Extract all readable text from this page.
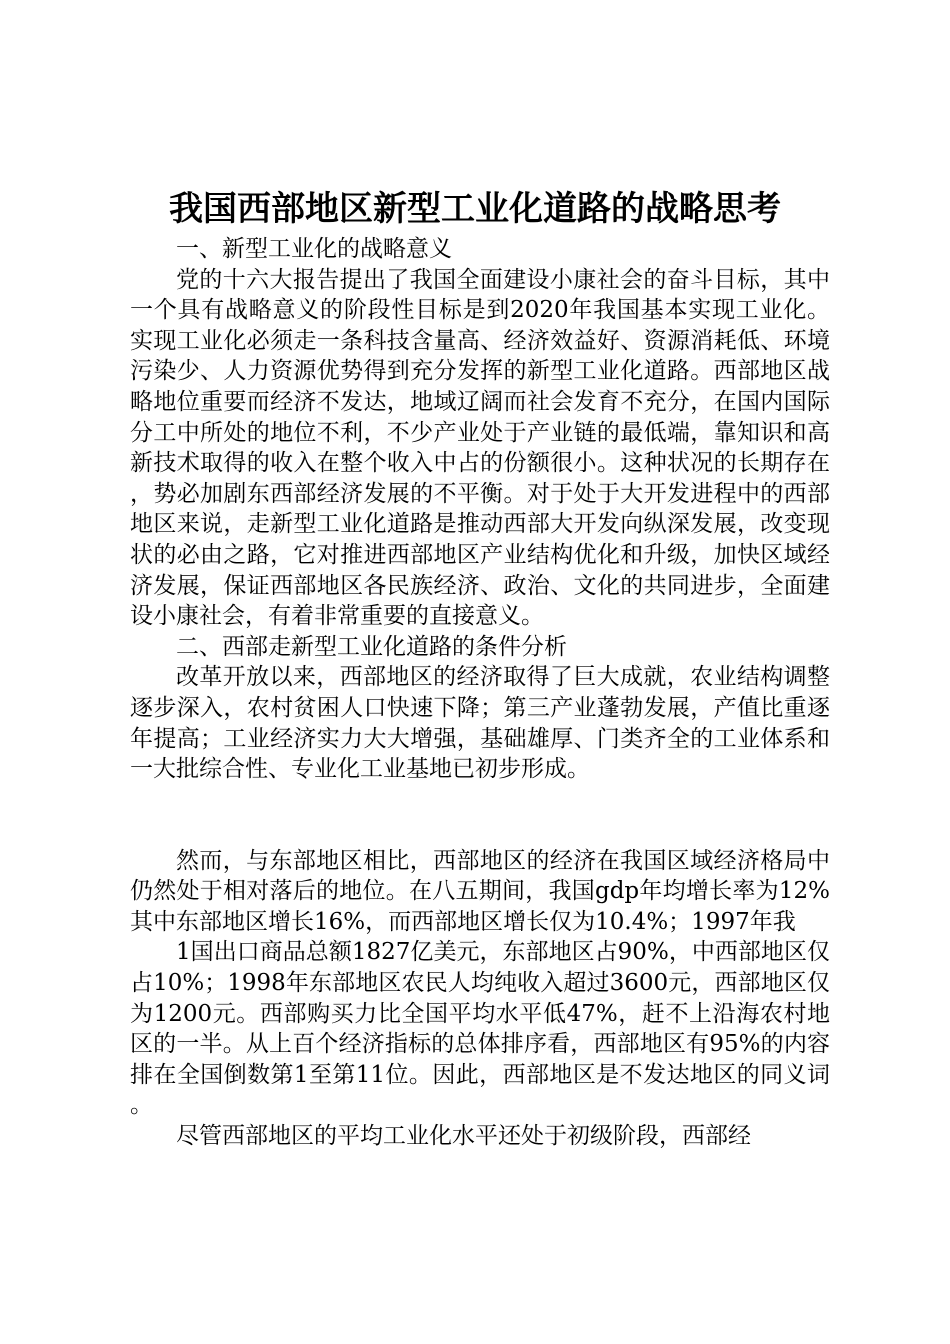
我国西部地区新型工业化道路的战略思考

一、新型工业化的战略意义

党的十六大报告提出了我国全面建设小康社会的奋斗目标，其中一个具有战略意义的阶段性目标是到2020年我国基本实现工业化。实现工业化必须走一条科技含量高、经济效益好、资源消耗低、环境污染少、人力资源优势得到充分发挥的新型工业化道路。西部地区战略地位重要而经济不发达，地域辽阔而社会发育不充分，在国内国际分工中所处的地位不利，不少产业处于产业链的最低端，靠知识和高新技术取得的收入在整个收入中占的份额很小。这种状况的长期存在，势必加剧东西部经济发展的不平衡。对于处于大开发进程中的西部地区来说，走新型工业化道路是推动西部大开发向纵深发展，改变现状的必由之路，它对推进西部地区产业结构优化和升级，加快区域经济发展，保证西部地区各民族经济、政治、文化的共同进步，全面建设小康社会，有着非常重要的直接意义。

二、西部走新型工业化道路的条件分析

改革开放以来，西部地区的经济取得了巨大成就，农业结构调整逐步深入，农村贫困人口快速下降；第三产业蓬勃发展，产值比重逐年提高；工业经济实力大大增强，基础雄厚、门类齐全的工业体系和一大批综合性、专业化工业基地已初步形成。

然而，与东部地区相比，西部地区的经济在我国区域经济格局中仍然处于相对落后的地位。在八五期间，我国gdp年均增长率为12%其中东部地区增长16%，而西部地区增长仅为10.4%；1997年我

1国出口商品总额1827亿美元，东部地区占90%，中西部地区仅占10%；1998年东部地区农民人均纯收入超过3600元，西部地区仅为1200元。西部购买力比全国平均水平低47%，赶不上沿海农村地区的一半。从上百个经济指标的总体排序看，西部地区有95%的内容排在全国倒数第1至第11位。因此，西部地区是不发达地区的同义词。

尽管西部地区的平均工业化水平还处于初级阶段，西部经
